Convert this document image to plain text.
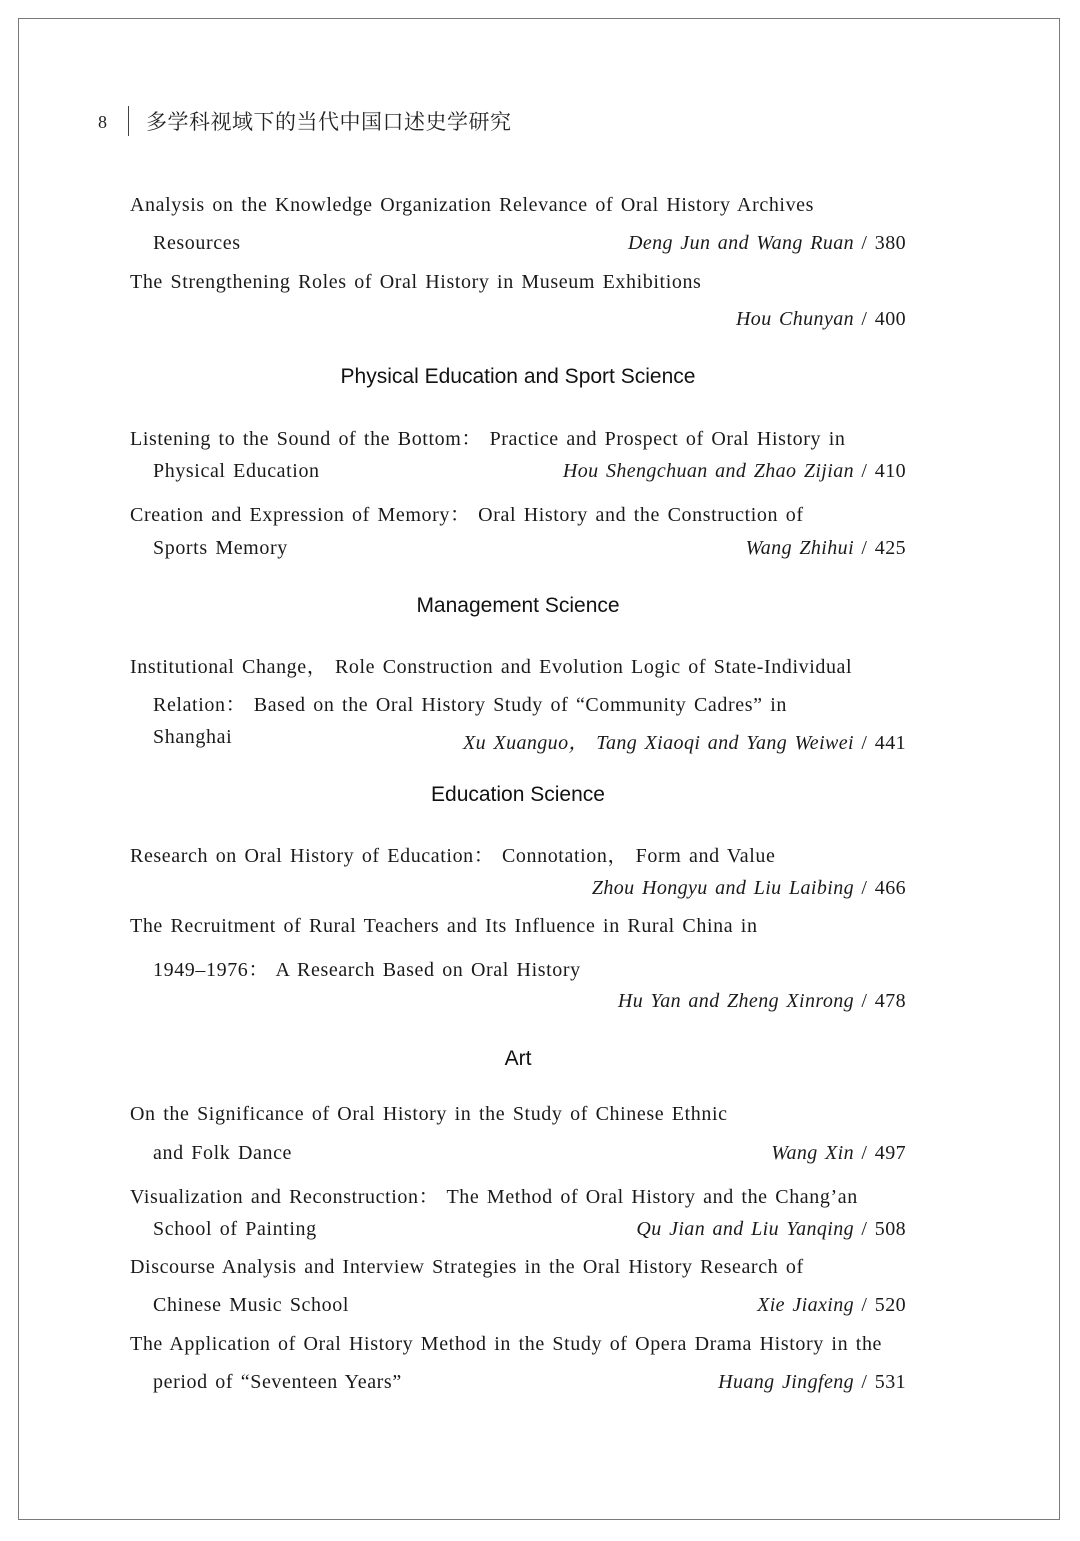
8 多学科视域下的当代中国口述史学研究
Analysis on the Knowledge Organization Relevance of Oral History Archives
Resources	Deng Jun and Wang Ruan / 380
The Strengthening Roles of Oral History in Museum Exhibitions
Hou Chunyan / 400
Physical Education and Sport Science
Listening to the Sound of the Bottom： Practice and Prospect of Oral History in
Physical Education	Hou Shengchuan and Zhao Zijian / 410
Creation and Expression of Memory： Oral History and the Construction of
Sports Memory	Wang Zhihui / 425
Management Science
Institutional Change， Role Construction and Evolution Logic of State-Individual
Relation： Based on the Oral History Study of “Community Cadres” in
Shanghai	Xu Xuanguo， Tang Xiaoqi and Yang Weiwei / 441
Education Science
Research on Oral History of Education： Connotation， Form and Value
Zhou Hongyu and Liu Laibing / 466
The Recruitment of Rural Teachers and Its Influence in Rural China in
1949–1976： A Research Based on Oral History
Hu Yan and Zheng Xinrong / 478
Art
On the Significance of Oral History in the Study of Chinese Ethnic
and Folk Dance	Wang Xin / 497
Visualization and Reconstruction： The Method of Oral History and the Chang’an
School of Painting	Qu Jian and Liu Yanqing / 508
Discourse Analysis and Interview Strategies in the Oral History Research of
Chinese Music School	Xie Jiaxing / 520
The Application of Oral History Method in the Study of Opera Drama History in the
period of “Seventeen Years”	Huang Jingfeng / 531
